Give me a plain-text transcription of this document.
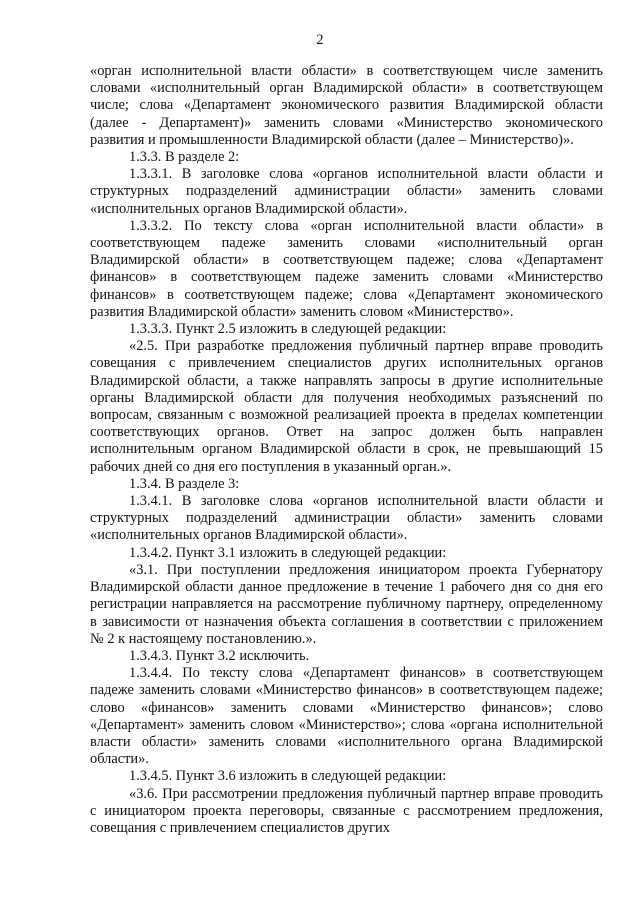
2

«орган исполнительной власти области» в соответствующем числе заменить словами «исполнительный орган Владимирской области» в соответствующем числе; слова «Департамент экономического развития Владимирской области (далее - Департамент)» заменить словами «Министерство экономического развития и промышленности Владимирской области (далее – Министерство)».

1.3.3. В разделе 2:

1.3.3.1. В заголовке слова «органов исполнительной власти области и структурных подразделений администрации области» заменить словами «исполнительных органов Владимирской области».

1.3.3.2. По тексту слова «орган исполнительной власти области» в соответствующем падеже заменить словами «исполнительный орган Владимирской области» в соответствующем падеже; слова «Департамент финансов» в соответствующем падеже заменить словами «Министерство финансов» в соответствующем падеже; слова «Департамент экономического развития Владимирской области» заменить словом «Министерство».

1.3.3.3. Пункт 2.5 изложить в следующей редакции:

«2.5. При разработке предложения публичный партнер вправе проводить совещания с привлечением специалистов других исполнительных органов Владимирской области, а также направлять запросы в другие исполнительные органы Владимирской области для получения необходимых разъяснений по вопросам, связанным с возможной реализацией проекта в пределах компетенции соответствующих органов. Ответ на запрос должен быть направлен исполнительным органом Владимирской области в срок, не превышающий 15 рабочих дней со дня его поступления в указанный орган.».

1.3.4. В разделе 3:

1.3.4.1. В заголовке слова «органов исполнительной власти области и структурных подразделений администрации области» заменить словами «исполнительных органов Владимирской области».

1.3.4.2. Пункт 3.1 изложить в следующей редакции:

«3.1. При поступлении предложения инициатором проекта Губернатору Владимирской области данное предложение в течение 1 рабочего дня со дня его регистрации направляется на рассмотрение публичному партнеру, определенному в зависимости от назначения объекта соглашения в соответствии с приложением № 2 к настоящему постановлению.».

1.3.4.3. Пункт 3.2 исключить.

1.3.4.4. По тексту слова «Департамент финансов» в соответствующем падеже заменить словами «Министерство финансов» в соответствующем падеже; слово «финансов» заменить словами «Министерство финансов»; слово «Департамент» заменить словом «Министерство»; слова «органа исполнительной власти области» заменить словами «исполнительного органа Владимирской области».

1.3.4.5. Пункт 3.6 изложить в следующей редакции:

«3.6. При рассмотрении предложения публичный партнер вправе проводить с инициатором проекта переговоры, связанные с рассмотрением предложения, совещания с привлечением специалистов других
